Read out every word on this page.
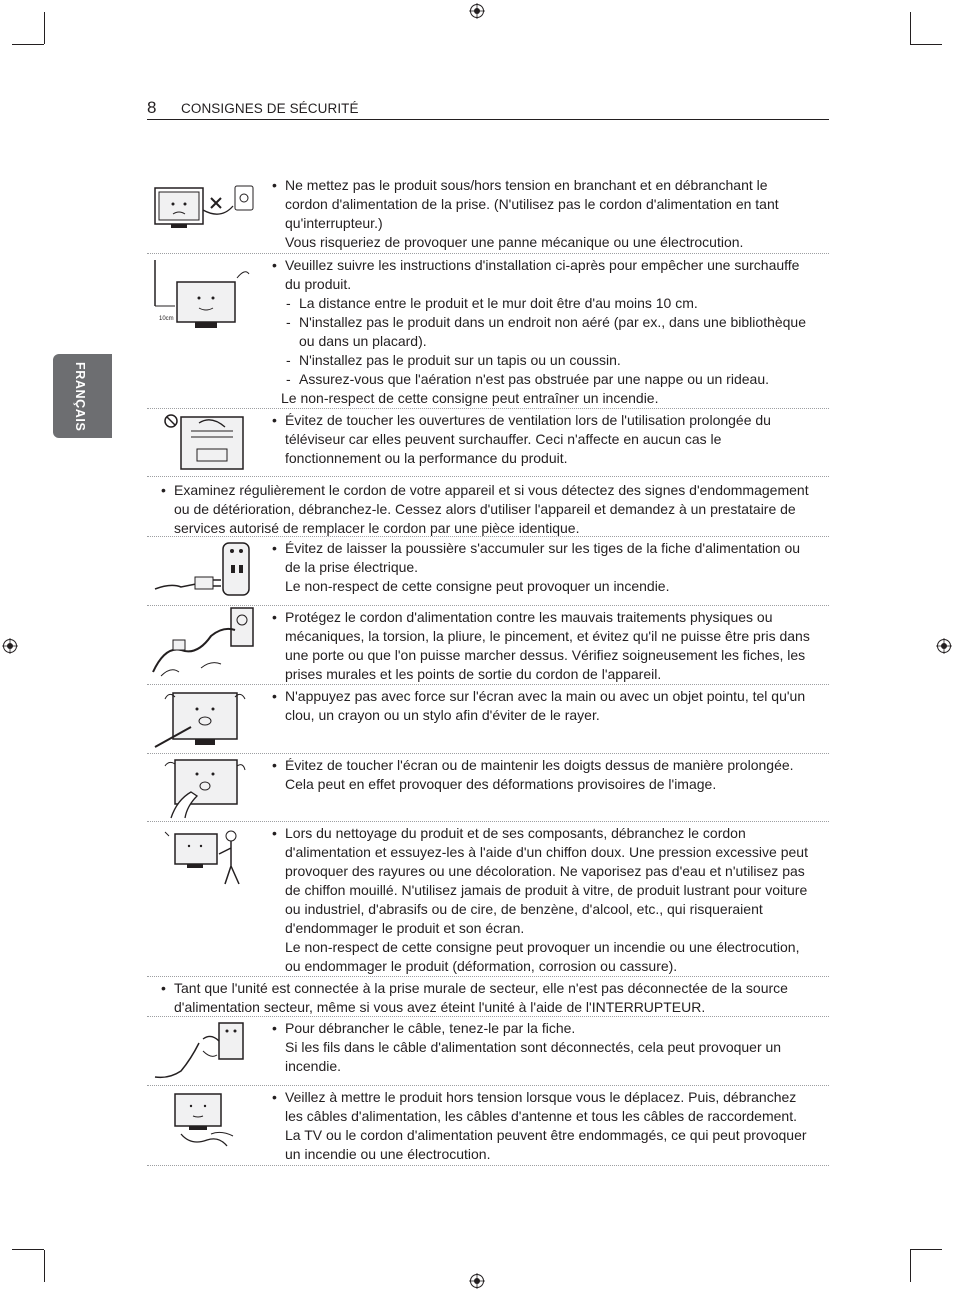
8 CONSIGNES DE SÉCURITÉ
FRANÇAIS
• Ne mettez pas le produit sous/hors tension en branchant et en débranchant le cordon d'alimentation de la prise. (N'utilisez pas le cordon d'alimentation en tant qu'interrupteur.)
Vous risqueriez de provoquer une panne mécanique ou une électrocution.
10cm
• Veuillez suivre les instructions d'installation ci-après pour empêcher une surchauffe du produit.
- La distance entre le produit et le mur doit être d'au moins 10 cm.
- N'installez pas le produit dans un endroit non aéré (par ex., dans une bibliothèque ou dans un placard).
- N'installez pas le produit sur un tapis ou un coussin.
- Assurez-vous que l'aération n'est pas obstruée par une nappe ou un rideau.
Le non-respect de cette consigne peut entraîner un incendie.
• Évitez de toucher les ouvertures de ventilation lors de l'utilisation prolongée du téléviseur car elles peuvent surchauffer. Ceci n'affecte en aucun cas le fonctionnement ou la performance du produit.
• Examinez régulièrement le cordon de votre appareil et si vous détectez des signes d'endommagement ou de détérioration, débranchez-le. Cessez alors d'utiliser l'appareil et demandez à un prestataire de services autorisé de remplacer le cordon par une pièce identique.
• Évitez de laisser la poussière s'accumuler sur les tiges de la fiche d'alimentation ou de la prise électrique.
Le non-respect de cette consigne peut provoquer un incendie.
• Protégez le cordon d'alimentation contre les mauvais traitements physiques ou mécaniques, la torsion, la pliure, le pincement, et évitez qu'il ne puisse être pris dans une porte ou que l'on puisse marcher dessus. Vérifiez soigneusement les fiches, les prises murales et les points de sortie du cordon de l'appareil.
• N'appuyez pas avec force sur l'écran avec la main ou avec un objet pointu, tel qu'un clou, un crayon ou un stylo afin d'éviter de le rayer.
• Évitez de toucher l'écran ou de maintenir les doigts dessus de manière prolongée. Cela peut en effet provoquer des déformations provisoires de l'image.
• Lors du nettoyage du produit et de ses composants, débranchez le cordon d'alimentation et essuyez-les à l'aide d'un chiffon doux. Une pression excessive peut provoquer des rayures ou une décoloration. Ne vaporisez pas d'eau et n'utilisez pas de chiffon mouillé. N'utilisez jamais de produit à vitre, de produit lustrant pour voiture ou industriel, d'abrasifs ou de cire, de benzène, d'alcool, etc., qui risqueraient d'endommager le produit et son écran.
Le non-respect de cette consigne peut provoquer un incendie ou une électrocution, ou endommager le produit (déformation, corrosion ou cassure).
• Tant que l'unité est connectée à la prise murale de secteur, elle n'est pas déconnectée de la source d'alimentation secteur, même si vous avez éteint l'unité à l'aide de l'INTERRUPTEUR.
• Pour débrancher le câble, tenez-le par la fiche.
Si les fils dans le câble d'alimentation sont déconnectés, cela peut provoquer un incendie.
• Veillez à mettre le produit hors tension lorsque vous le déplacez. Puis, débranchez les câbles d'alimentation, les câbles d'antenne et tous les câbles de raccordement. La TV ou le cordon d'alimentation peuvent être endommagés, ce qui peut provoquer un incendie ou une électrocution.
